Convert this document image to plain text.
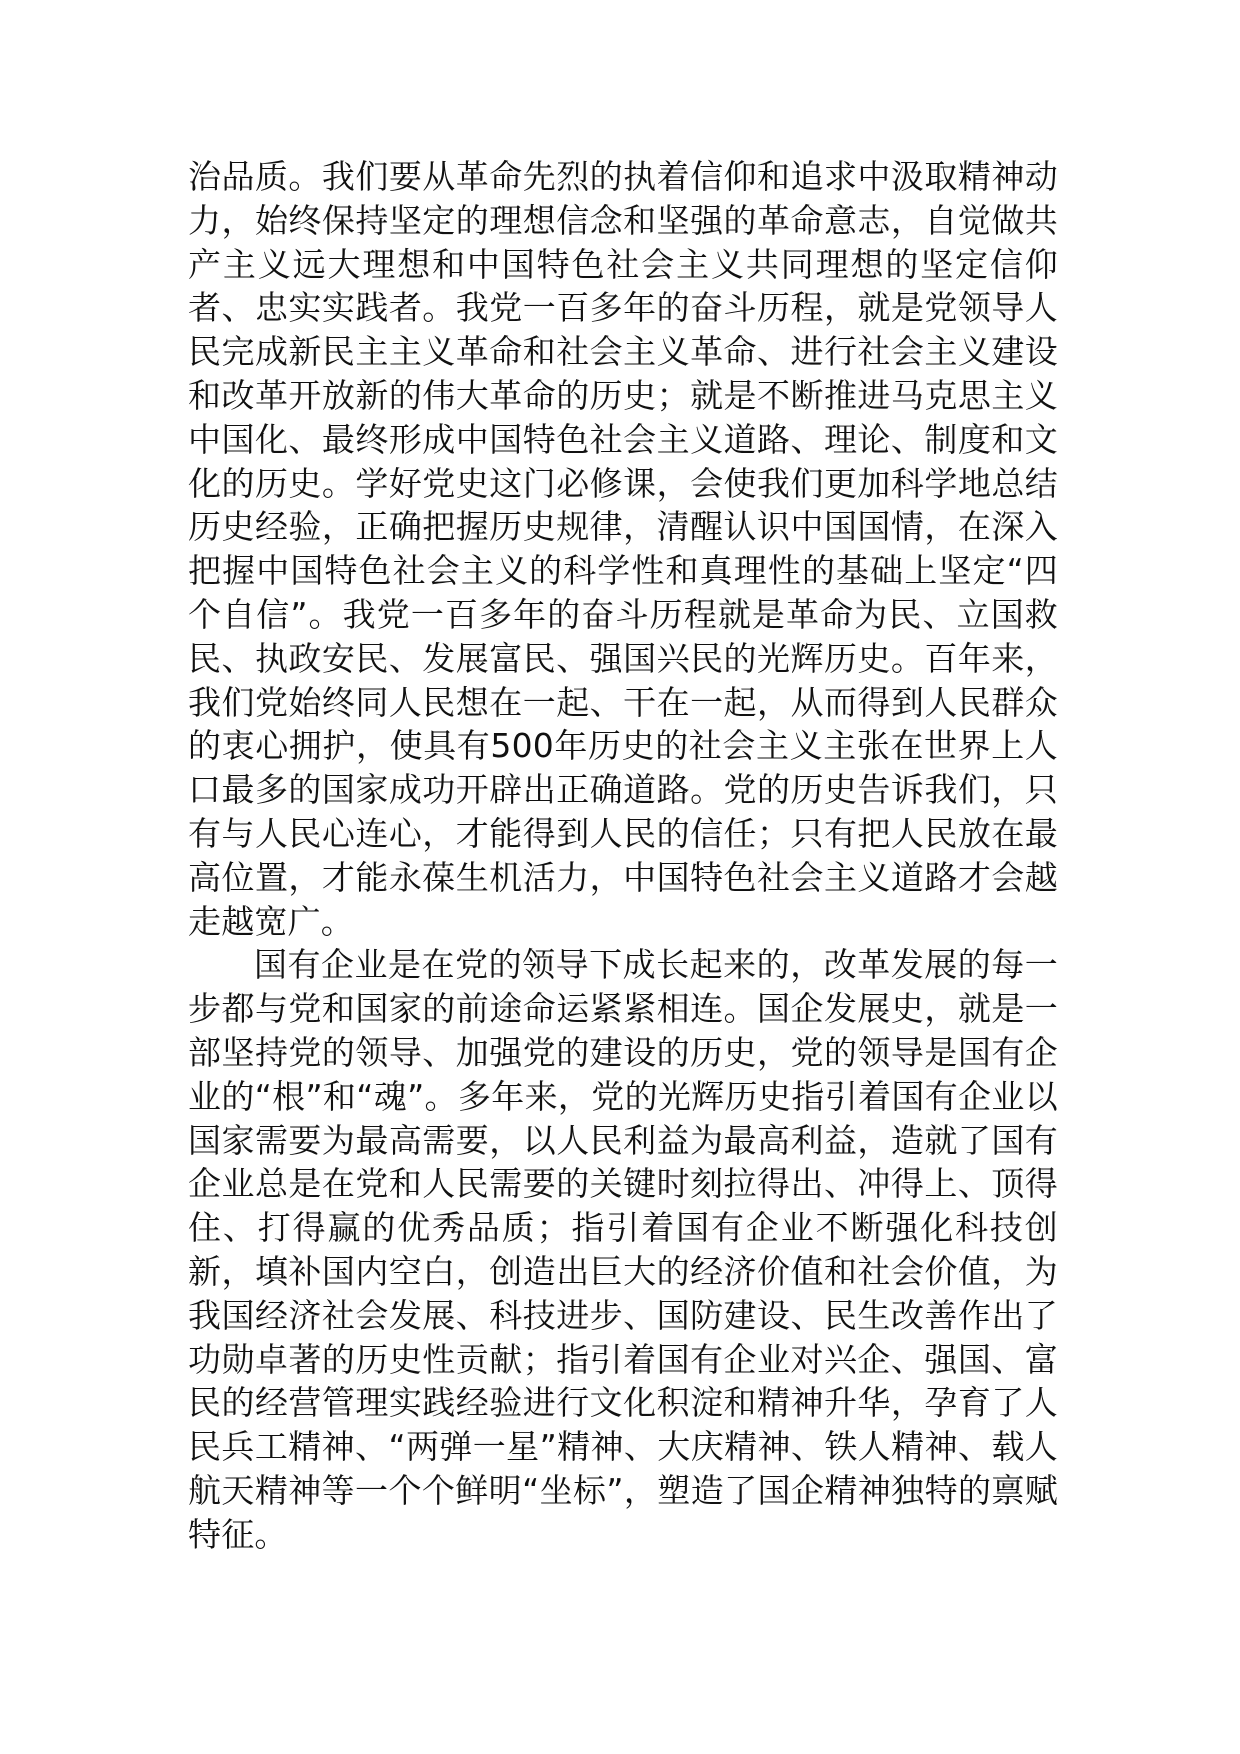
治品质。我们要从革命先烈的执着信仰和追求中汲取精神动力，始终保持坚定的理想信念和坚强的革命意志，自觉做共产主义远大理想和中国特色社会主义共同理想的坚定信仰者、忠实实践者。我党一百多年的奋斗历程，就是党领导人民完成新民主主义革命和社会主义革命、进行社会主义建设和改革开放新的伟大革命的历史；就是不断推进马克思主义中国化、最终形成中国特色社会主义道路、理论、制度和文化的历史。学好党史这门必修课，会使我们更加科学地总结历史经验，正确把握历史规律，清醒认识中国国情，在深入把握中国特色社会主义的科学性和真理性的基础上坚定“四个自信”。我党一百多年的奋斗历程就是革命为民、立国救民、执政安民、发展富民、强国兴民的光辉历史。百年来，我们党始终同人民想在一起、干在一起，从而得到人民群众的衷心拥护，使具有500年历史的社会主义主张在世界上人口最多的国家成功开辟出正确道路。党的历史告诉我们，只有与人民心连心，才能得到人民的信任；只有把人民放在最高位置，才能永葆生机活力，中国特色社会主义道路才会越走越宽广。

国有企业是在党的领导下成长起来的，改革发展的每一步都与党和国家的前途命运紧紧相连。国企发展史，就是一部坚持党的领导、加强党的建设的历史，党的领导是国有企业的“根”和“魂”。多年来，党的光辉历史指引着国有企业以国家需要为最高需要，以人民利益为最高利益，造就了国有企业总是在党和人民需要的关键时刻拉得出、冲得上、顶得住、打得赢的优秀品质；指引着国有企业不断强化科技创新，填补国内空白，创造出巨大的经济价值和社会价值，为我国经济社会发展、科技进步、国防建设、民生改善作出了功勋卓著的历史性贡献；指引着国有企业对兴企、强国、富民的经营管理实践经验进行文化积淀和精神升华，孕育了人民兵工精神、“两弹一星”精神、大庆精神、铁人精神、载人航天精神等一个个鲜明“坐标”，塑造了国企精神独特的禀赋特征。
